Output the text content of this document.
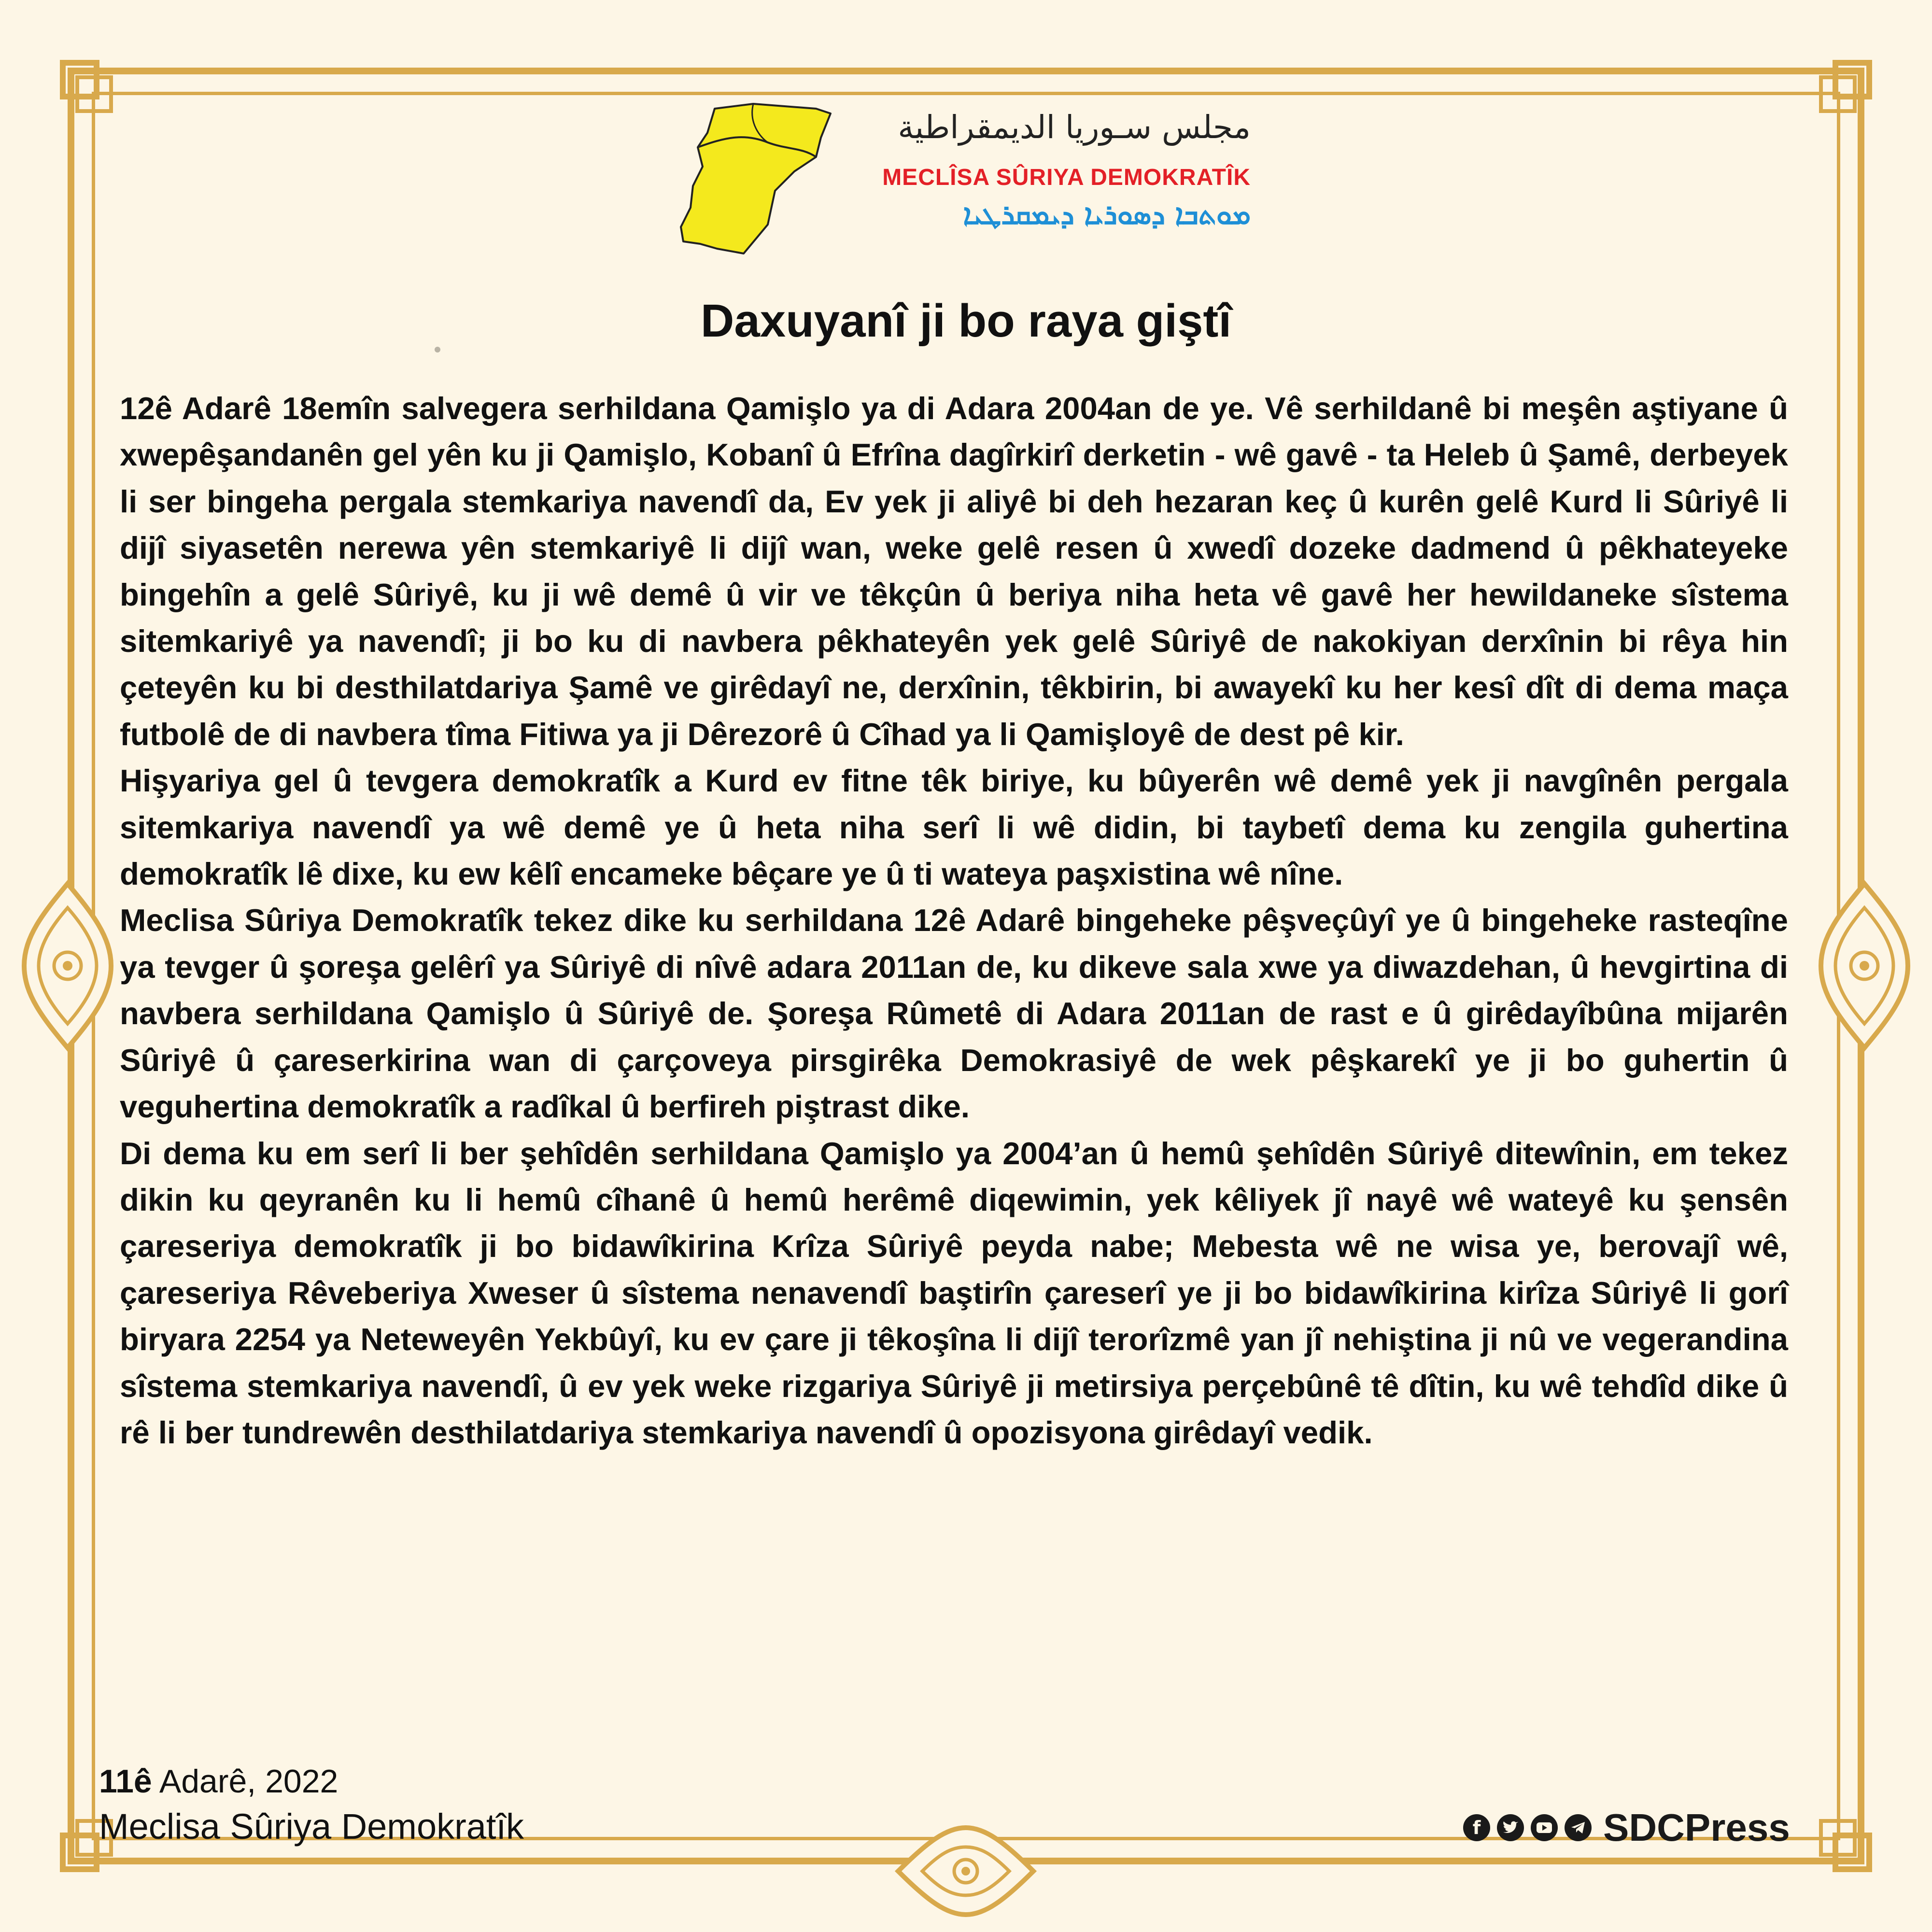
مجلس سـوريا الديمقراطية
MECLÎSA SÛRIYA DEMOKRATÎK
ܡܘܬܒܐ ܕܣܘܪܝܐ ܕܝܡܩܪܛܝܐ
Daxuyanî ji bo raya giştî

12ê Adarê 18emîn salvegera serhildana Qamişlo ya di Adara 2004an de ye. Vê serhildanê bi meşên aştiyane û xwepêşandanên gel yên ku ji Qamişlo, Kobanî û Efrîna dagîrkirî derketin - wê gavê - ta Heleb û Şamê, derbeyek li ser bingeha pergala stemkariya navendî da, Ev yek ji aliyê bi deh hezaran keç û kurên gelê Kurd li Sûriyê li dijî siyasetên nerewa yên stemkariyê li dijî wan, weke gelê resen û xwedî dozeke dadmend û pêkhateyeke bingehîn a gelê Sûriyê, ku ji wê demê û vir ve têkçûn û beriya niha heta vê gavê her hewildaneke sîstema sitemkariyê ya navendî; ji bo ku di navbera pêkhateyên yek gelê Sûriyê de nakokiyan derxînin bi rêya hin çeteyên ku bi desthilatdariya Şamê ve girêdayî ne, derxînin, têkbirin, bi awayekî ku her kesî dît di dema maça futbolê de di navbera tîma Fitiwa ya ji Dêrezorê û Cîhad ya li Qamişloyê de dest pê kir.

Hişyariya gel û tevgera demokratîk a Kurd ev fitne têk biriye, ku bûyerên wê demê yek ji navgînên pergala sitemkariya navendî ya wê demê ye û heta niha serî li wê didin, bi taybetî dema ku zengila guhertina demokratîk lê dixe, ku ew kêlî encameke bêçare ye û ti wateya paşxistina wê nîne.

Meclisa Sûriya Demokratîk tekez dike ku serhildana 12ê Adarê bingeheke pêşveçûyî ye û bingeheke rasteqîne ya tevger û şoreşa gelêrî ya Sûriyê di nîvê adara 2011an de, ku dikeve sala xwe ya diwazdehan, û hevgirtina di navbera serhildana Qamişlo û Sûriyê de. Şoreşa Rûmetê di Adara 2011an de rast e û girêdayîbûna mijarên Sûriyê û çareserkirina wan di çarçoveya pirsgirêka Demokrasiyê de wek pêşkarekî ye ji bo guhertin û veguhertina demokratîk a radîkal û berfireh piştrast dike.

Di dema ku em serî li ber şehîdên serhildana Qamişlo ya 2004’an û hemû şehîdên Sûriyê ditewînin, em tekez dikin ku qeyranên ku li hemû cîhanê û hemû herêmê diqewimin, yek kêliyek jî nayê wê wateyê ku şensên çareseriya demokratîk ji bo bidawîkirina Krîza Sûriyê peyda nabe; Mebesta wê ne wisa ye, berovajî wê, çareseriya Rêveberiya Xweser û sîstema nenavendî baştirîn çareserî ye ji bo bidawîkirina kirîza Sûriyê li gorî biryara 2254 ya Neteweyên Yekbûyî, ku ev çare ji têkoşîna li dijî terorîzmê yan jî nehiştina ji nû ve vegerandina sîstema stemkariya navendî, û ev yek weke rizgariya Sûriyê ji metirsiya perçebûnê tê dîtin, ku wê tehdîd dike û rê li ber tundrewên desthilatdariya stemkariya navendî û opozisyona girêdayî vedik.

11ê Adarê, 2022
Meclisa Sûriya Demokratîk	f	SDCPress
